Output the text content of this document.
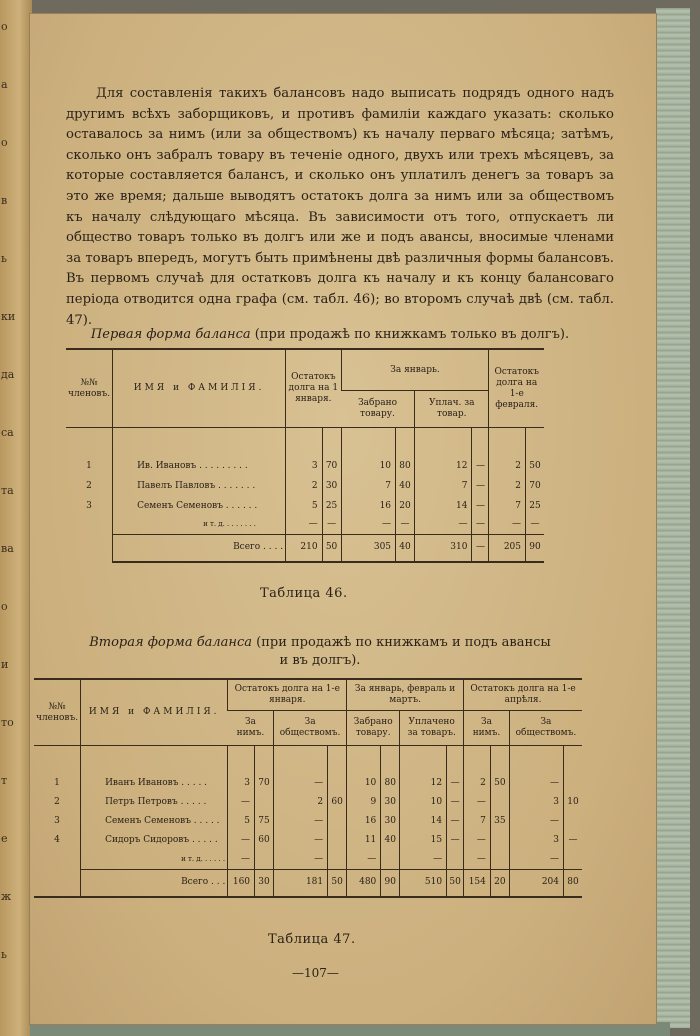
о
а
о
в
ь
ки
да
са
та
ва
о
и
то
т
е
ж
ь

Для составленія такихъ балансовъ надо выписать подрядъ одного надъ другимъ всѣхъ заборщиковъ, и противъ фамиліи каждаго указать: сколько оставалось за нимъ (или за обществомъ) къ началу перваго мѣсяца; затѣмъ, сколько онъ забралъ товару въ теченіе одного, двухъ или трехъ мѣсяцевъ, за которые составляется балансъ, и сколько онъ уплатилъ денегъ за товаръ за это же время; дальше выводятъ остатокъ долга за нимъ или за обществомъ къ началу слѣдующаго мѣсяца. Въ зависимости отъ того, отпускаетъ ли общество товаръ только въ долгъ или же и подъ авансы, вносимые членами за товаръ впередъ, могутъ быть примѣнены двѣ различныя формы балансовъ. Въ первомъ случаѣ для остатковъ долга къ началу и къ концу балансоваго періода отводится одна графа (см. табл. 46); во второмъ случаѣ двѣ (см. табл. 47).

Первая форма баланса (при продажѣ по книжкамъ только въ долгъ).
№№ членовъ.	ИМЯ и ФАМИЛІЯ.	Остатокъ долга на 1 января.		За январь.				Остатокъ долга на 1-е февраля.	
				Забрано товару.		Уплач. за товар.			

1	Ив. Ивановъ . . . . . . . . .	3	70	10	80	12	—	2	50
2	Павелъ Павловъ . . . . . . .	2	30	7	40	7	—	2	70
3	Семенъ Семеновъ . . . . . .	5	25	16	20	14	—	7	25
	и т. д. . . . . . . .	—	—	—	—	—	—	—	—
	Всего . . . .	210	50	305	40	310	—	205	90
Таблица 46.
Вторая форма баланса (при продажѣ по книжкамъ и подъ авансы
и въ долгъ).
№№ членовъ.	ИМЯ и ФАМИЛІЯ.	Остатокъ долга на 1-е января.				За январь, февраль и мартъ.				Остатокъ долга на 1-е апрѣля.			
		За нимъ.		За обществомъ.		Забрано товару.		Уплачено за товаръ.		За нимъ.		За обществомъ.	

1	Иванъ Ивановъ . . . . .	3	70	—		10	80	12	—	2	50	—	
2	Петръ Петровъ . . . . .	—		2	60	9	30	10	—	—		3	10
3	Семенъ Семеновъ . . . . .	5	75	—		16	30	14	—	7	35	—	
4	Сидоръ Сидоровъ . . . . .	—	60	—		11	40	15	—	—		3	—
	и т. д. . . . . .	—		—		—		—		—		—	
	Всего . . .	160	30	181	50	480	90	510	50	154	20	204	80
Таблица 47.
—107—
